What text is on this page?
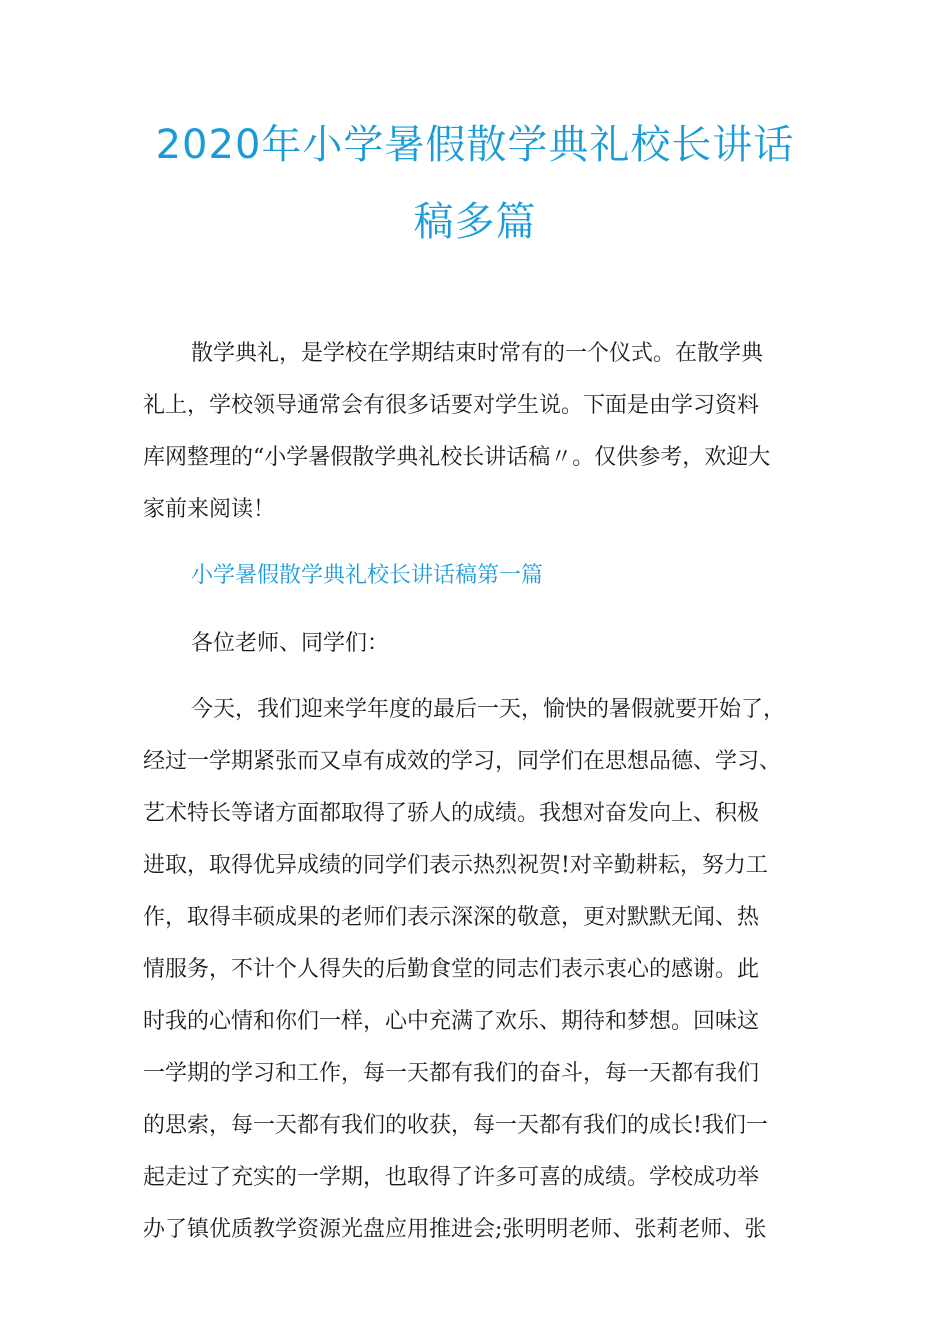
2020年小学暑假散学典礼校长讲话
稿多篇
散学典礼，是学校在学期结束时常有的一个仪式。在散学典
礼上，学校领导通常会有很多话要对学生说。下面是由学习资料
库网整理的“小学暑假散学典礼校长讲话稿〃。仅供参考，欢迎大
家前来阅读！
小学暑假散学典礼校长讲话稿第一篇
各位老师、同学们：
今天，我们迎来学年度的最后一天，愉快的暑假就要开始了，
经过一学期紧张而又卓有成效的学习，同学们在思想品德、学习、
艺术特长等诸方面都取得了骄人的成绩。我想对奋发向上、积极
进取，取得优异成绩的同学们表示热烈祝贺!对辛勤耕耘，努力工
作，取得丰硕成果的老师们表示深深的敬意，更对默默无闻、热
情服务，不计个人得失的后勤食堂的同志们表示衷心的感谢。此
时我的心情和你们一样，心中充满了欢乐、期待和梦想。回味这
一学期的学习和工作，每一天都有我们的奋斗，每一天都有我们
的思索，每一天都有我们的收获，每一天都有我们的成长!我们一
起走过了充实的一学期，也取得了许多可喜的成绩。学校成功举
办了镇优质教学资源光盘应用推进会;张明明老师、张莉老师、张
